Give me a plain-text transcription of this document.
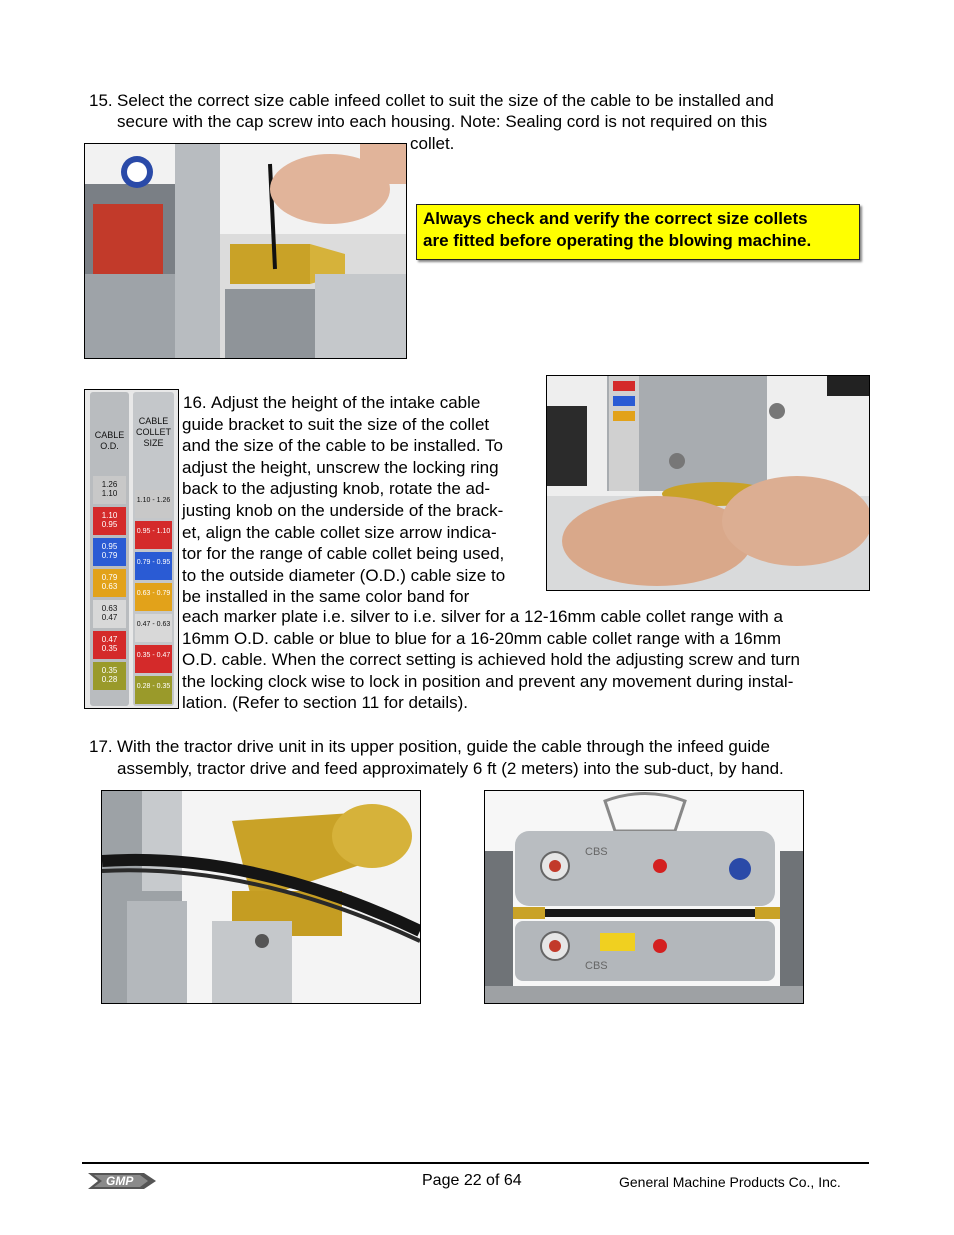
15. Select the correct size cable infeed collet to suit the size of the cable to be installed and
secure with the cap screw into each housing. Note: Sealing cord is not required on this
collet.
Always check and verify the correct size collets
are fitted before operating the blowing machine.
CABLE
O.D.
1.26
1.10
1.10
0.95
0.95
0.79
0.79
0.63
0.63
0.47
0.47
0.35
0.35
0.28
CABLE
COLLET
SIZE
1.10 - 1.26
0.95 - 1.10
0.79 - 0.95
0.63 - 0.79
0.47 - 0.63
0.35 - 0.47
0.28 - 0.35
16. Adjust the height of the intake cable
guide bracket to suit the size of the collet
and the size of the cable to be installed. To
adjust the height, unscrew the locking ring
back to the adjusting knob, rotate the ad-
justing knob on the underside of the brack-
et, align the cable collet size arrow indica-
tor for the range of cable collet being used,
to the outside diameter (O.D.) cable size to
be installed in the same color band for
each marker plate i.e. silver to i.e. silver for a 12-16mm cable collet range with a
16mm O.D. cable or blue to blue for a 16-20mm cable collet range with a 16mm
O.D. cable. When the correct setting is achieved hold the adjusting screw and turn
the locking clock wise to lock in position and prevent any movement during instal-
lation. (Refer to section 11 for details).
17. With the tractor drive unit in its upper position, guide the cable through the infeed guide
assembly, tractor drive and feed approximately 6 ft (2 meters) into the sub-duct, by hand.
CBS
CBS
GMP	Page 22 of 64	General Machine Products Co., Inc.
